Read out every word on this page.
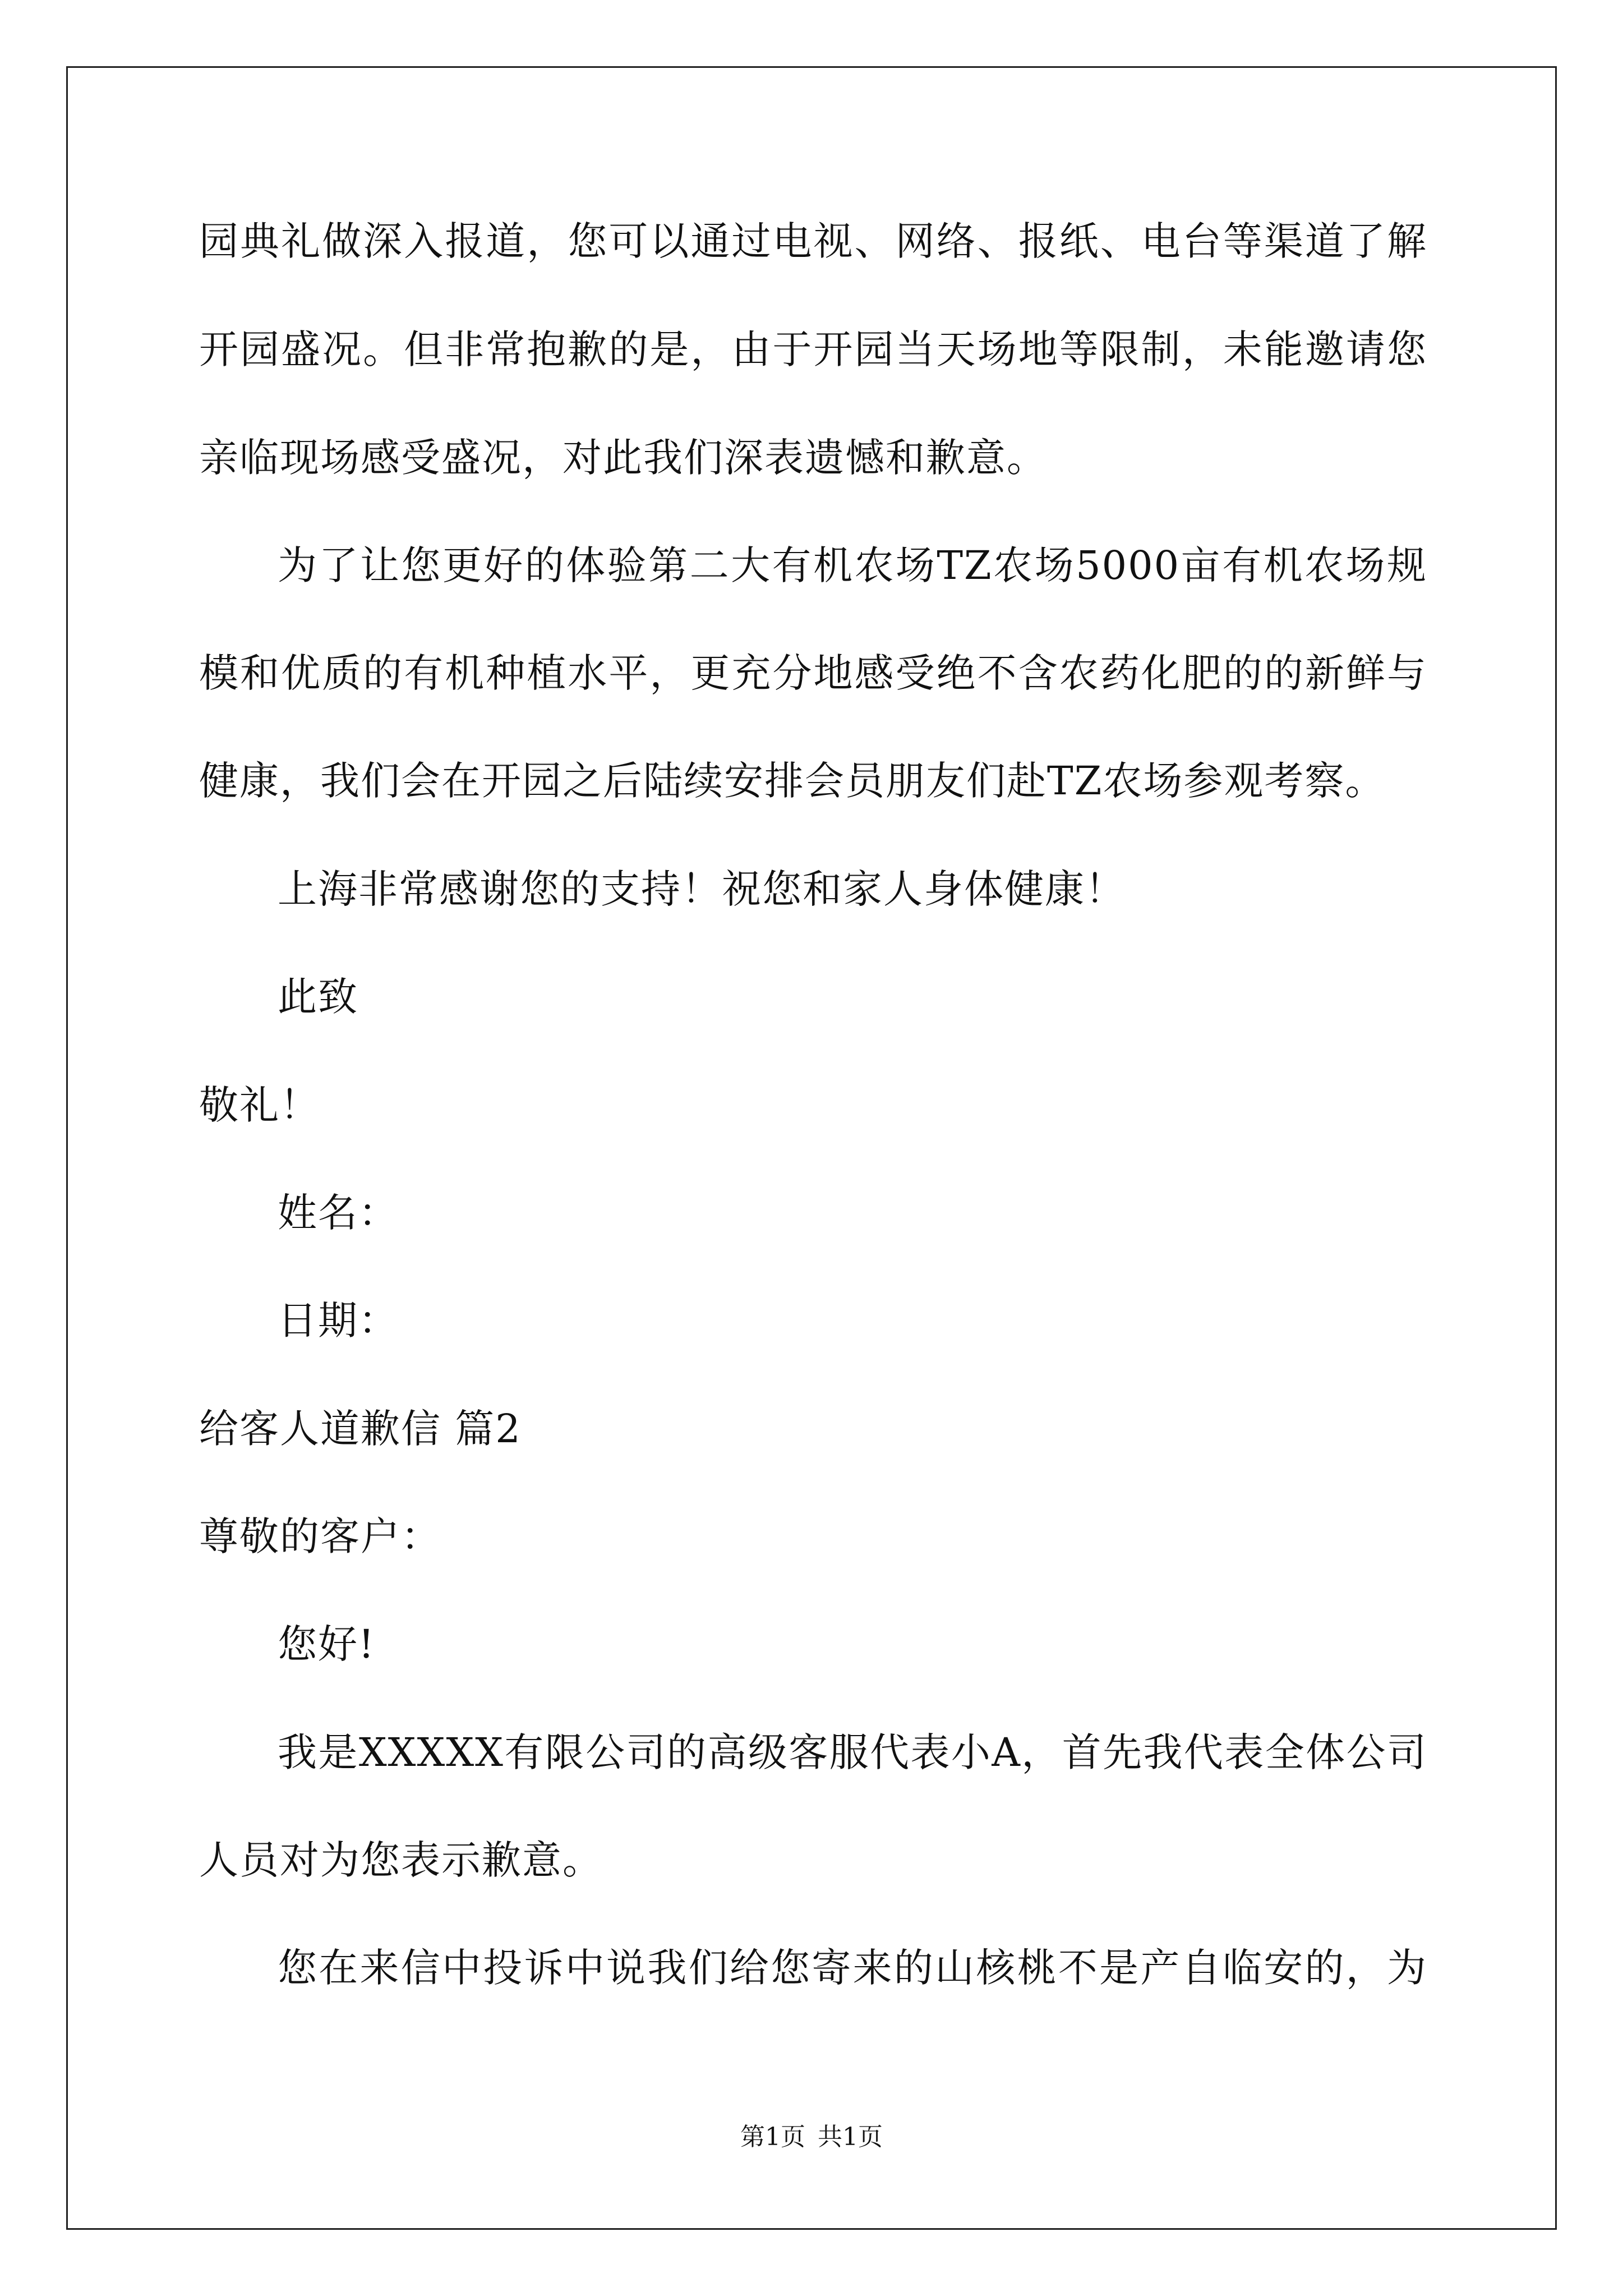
园典礼做深入报道，您可以通过电视、网络、报纸、电台等渠道了解
开园盛况。但非常抱歉的是，由于开园当天场地等限制，未能邀请您
亲临现场感受盛况，对此我们深表遗憾和歉意。
为了让您更好的体验第二大有机农场TZ农场5000亩有机农场规
模和优质的有机种植水平，更充分地感受绝不含农药化肥的的新鲜与
健康，我们会在开园之后陆续安排会员朋友们赴TZ农场参观考察。
上海非常感谢您的支持！祝您和家人身体健康！
此致
敬礼！
姓名：
日期：
给客人道歉信 篇2
尊敬的客户：
您好!
我是XXXXX有限公司的高级客服代表小A，首先我代表全体公司
人员对为您表示歉意。
您在来信中投诉中说我们给您寄来的山核桃不是产自临安的，为
第1页 共1页
